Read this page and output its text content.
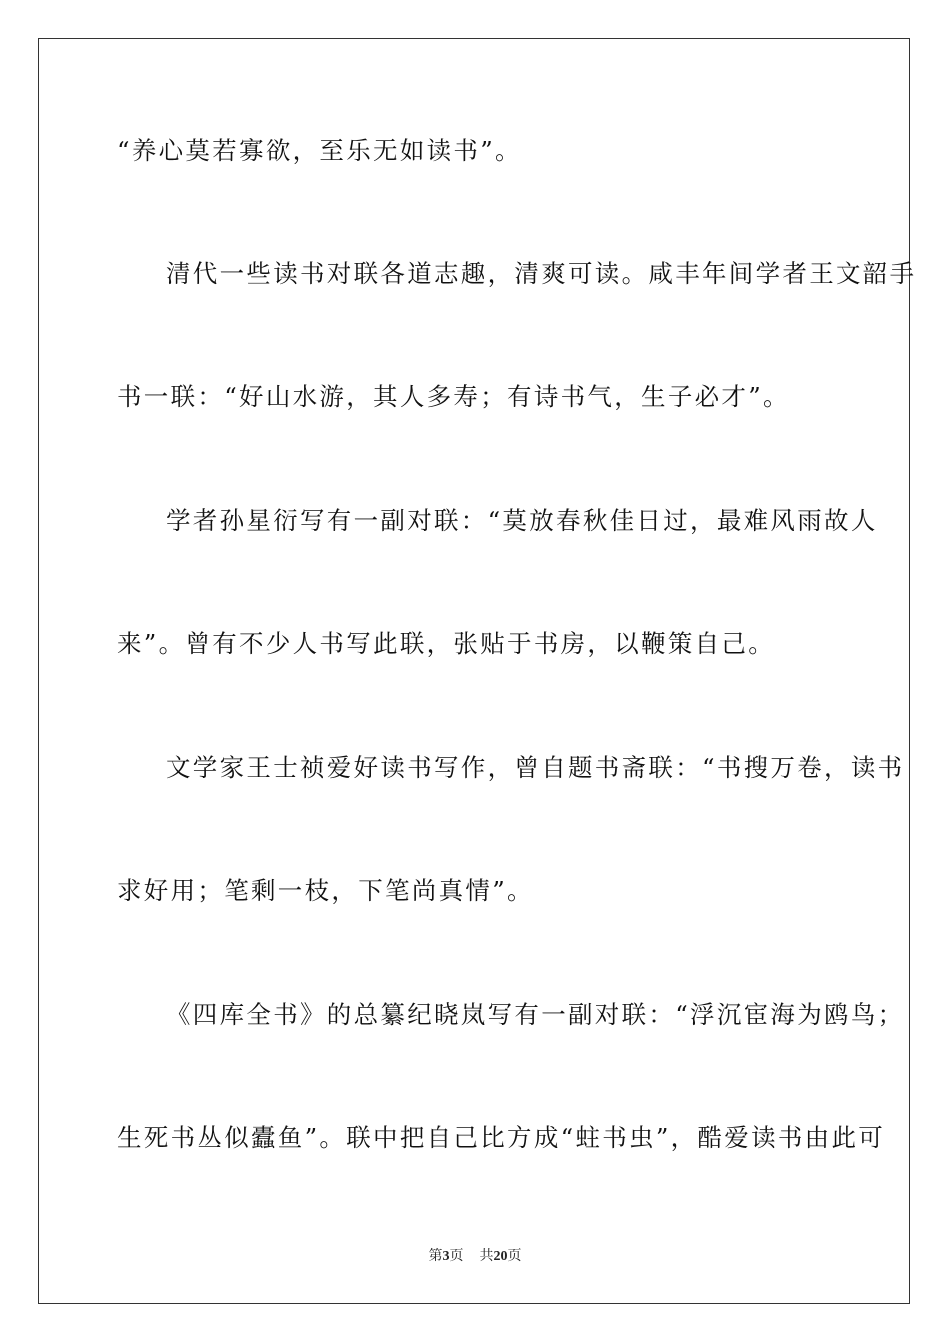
“养心莫若寡欲，至乐无如读书”。
清代一些读书对联各道志趣，清爽可读。咸丰年间学者王文韶手
书一联：“好山水游，其人多寿；有诗书气，生子必才”。
学者孙星衍写有一副对联：“莫放春秋佳日过，最难风雨故人
来”。曾有不少人书写此联，张贴于书房，以鞭策自己。
文学家王士祯爱好读书写作，曾自题书斋联：“书搜万卷，读书
求好用；笔剩一枝，下笔尚真情”。
《四库全书》的总纂纪晓岚写有一副对联：“浮沉宦海为鸥鸟；
生死书丛似蠹鱼”。联中把自己比方成“蛀书虫”，酷爱读书由此可
第3页 共20页
